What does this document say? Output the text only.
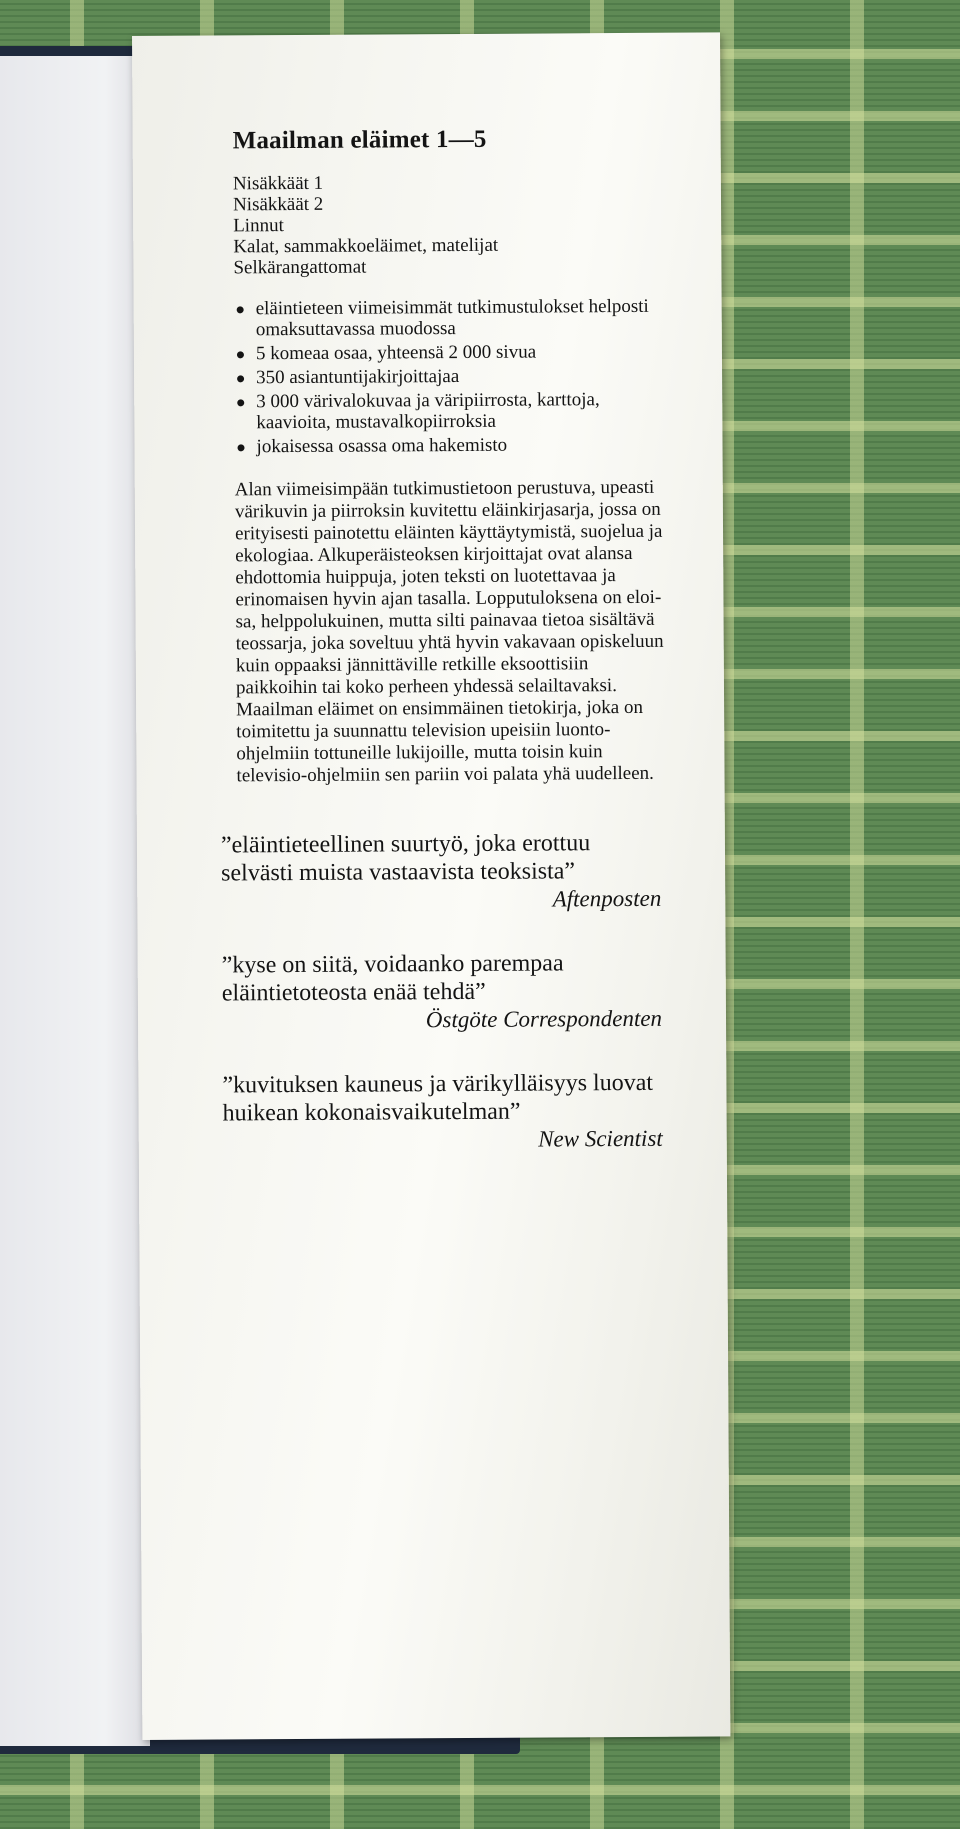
Maailman eläimet 1—5
Nisäkkäät 1
Nisäkkäät 2
Linnut
Kalat, sammakkoeläimet, matelijat
Selkärangattomat
eläintieteen viimeisimmät tutkimustulokset helposti omaksuttavassa muodossa
5 komeaa osaa, yhteensä 2 000 sivua
350 asiantuntijakirjoittajaa
3 000 värivalokuvaa ja väripiirrosta, karttoja, kaavioita, mustavalkopiirroksia
jokaisessa osassa oma hakemisto

Alan viimeisimpään tutkimustietoon perustuva, upeasti värikuvin ja piirroksin kuvitettu eläinkirjasarja, jossa on erityisesti painotettu eläinten käyttäytymistä, suojelua ja ekologiaa. Alkuperäisteoksen kirjoittajat ovat alansa ehdottomia huippuja, joten teksti on luotettavaa ja erinomaisen hyvin ajan tasalla. Lopputuloksena on eloisa, helppolukuinen, mutta silti painavaa tietoa sisältävä teossarja, joka soveltuu yhtä hyvin vakavaan opiskeluun kuin oppaaksi jännittäville retkille eksoottisiin paikkoihin tai koko perheen yhdessä selailtavaksi. Maailman eläimet on ensimmäinen tietokirja, joka on toimitettu ja suunnattu television upeisiin luonto-ohjelmiin tottuneille lukijoille, mutta toisin kuin televisio-ohjelmiin sen pariin voi palata yhä uudelleen.

”eläintieteellinen suurtyö, joka erottuu selvästi muista vastaavista teoksista”
Aftenposten
”kyse on siitä, voidaanko parempaa eläintietoteosta enää tehdä”
Östgöte Correspondenten
”kuvituksen kauneus ja värikylläisyys luovat huikean kokonaisvaikutelman”
New Scientist
